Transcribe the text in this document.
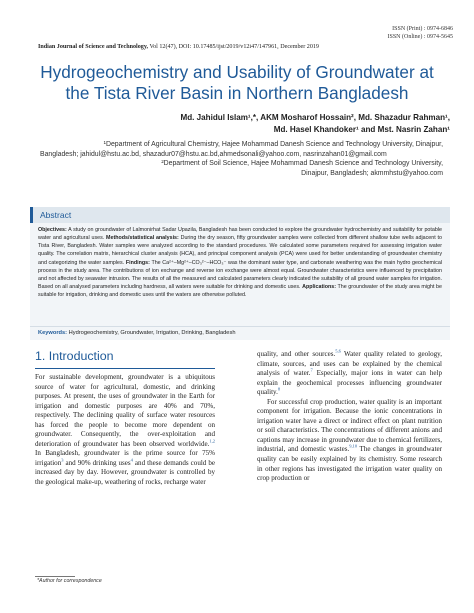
ISSN (Print) : 0974-6846
ISSN (Online) : 0974-5645
Indian Journal of Science and Technology, Vol 12(47), DOI: 10.17485/ijst/2019/v12i47/147961, December 2019
Hydrogeochemistry and Usability of Groundwater at
the Tista River Basin in Northern Bangladesh
Md. Jahidul Islam¹,*, AKM Mosharof Hossain², Md. Shazadur Rahman¹,
Md. Hasel Khandoker¹ and Mst. Nasrin Zahan¹
¹Department of Agricultural Chemistry, Hajee Mohammad Danesh Science and Technology University, Dinajpur,
Bangladesh; jahidul@hstu.ac.bd, shazadur07@hstu.ac.bd,ahmedsonali@yahoo.com, nasrinzahan01@gmail.com
²Department of Soil Science, Hajee Mohammad Danesh Science and Technology University,
Dinajpur, Bangladesh; akmmhstu@yahoo.com
Abstract
Objectives: A study on groundwater of Lalmonirhat Sadar Upazila, Bangladesh has been conducted to explore the groundwater hydrochemistry and suitability for potable water and agricultural uses. Methods/statistical analysis: During the dry season, fifty groundwater samples were collected from different shallow tube wells adjacent to Tista River, Bangladesh. Water samples were analyzed according to the standard procedures. We calculated some parameters required for assessing irrigation water quality. The correlation matrix, hierarchical cluster analysis (HCA), and principal component analysis (PCA) were used for better understanding of groundwater chemistry and categorizing the water samples. Findings: The Ca²⁺–Mg²⁺–CO₃²⁻–HCO₃⁻ was the dominant water type, and carbonate weathering was the main hydro geochemical process in the study area. The contributions of ion exchange and reverse ion exchange were almost equal. Groundwater characteristics were influenced by precipitation and not affected by seawater intrusion. The results of all the measured and calculated parameters clearly indicated the suitability of all ground water samples for irrigation. Based on all analysed parameters including hardness, all waters were suitable for drinking and domestic uses. Applications: The groundwater of the study area might be suitable for irrigation, drinking and domestic uses until the waters are otherwise polluted.
Keywords: Hydrogeochemistry, Groundwater, Irrigation, Drinking, Bangladesh
1. Introduction

For sustainable development, groundwater is a ubiquitous source of water for agricultural, domestic, and drinking purposes. At present, the uses of groundwater in the Earth for irrigation and domestic purposes are 40% and 70%, respectively. The declining quality of surface water resources has forced the people to become more dependent on groundwater. Consequently, the over-exploitation and deterioration of groundwater has been observed worldwide.$^{1,2}$ In Bangladesh, groundwater is the prime source for 75% irrigation$^3$ and 90% drinking uses$^4$ and these demands could be increased day by day. However, groundwater is controlled by the geological make-up, weathering of rocks, recharge water

quality, and other sources.$^{5,6}$ Water quality related to geology, climate, sources, and uses can be explained by the chemical analysis of water.$^7$ Especially, major ions in water can help explain the geochemical processes influencing groundwater quality.$^8$

For successful crop production, water quality is an important component for irrigation. Because the ionic concentrations in irrigation water have a direct or indirect effect on plant nutrition or soil characteristics. The concentrations of different anions and captions may increase in groundwater due to chemical fertilizers, industrial, and domestic wastes.$^{9,10}$ The changes in groundwater quality can be easily explained by its chemistry. Some research in other regions has investigated the irrigation water quality on crop production or

*Author for correspondence
